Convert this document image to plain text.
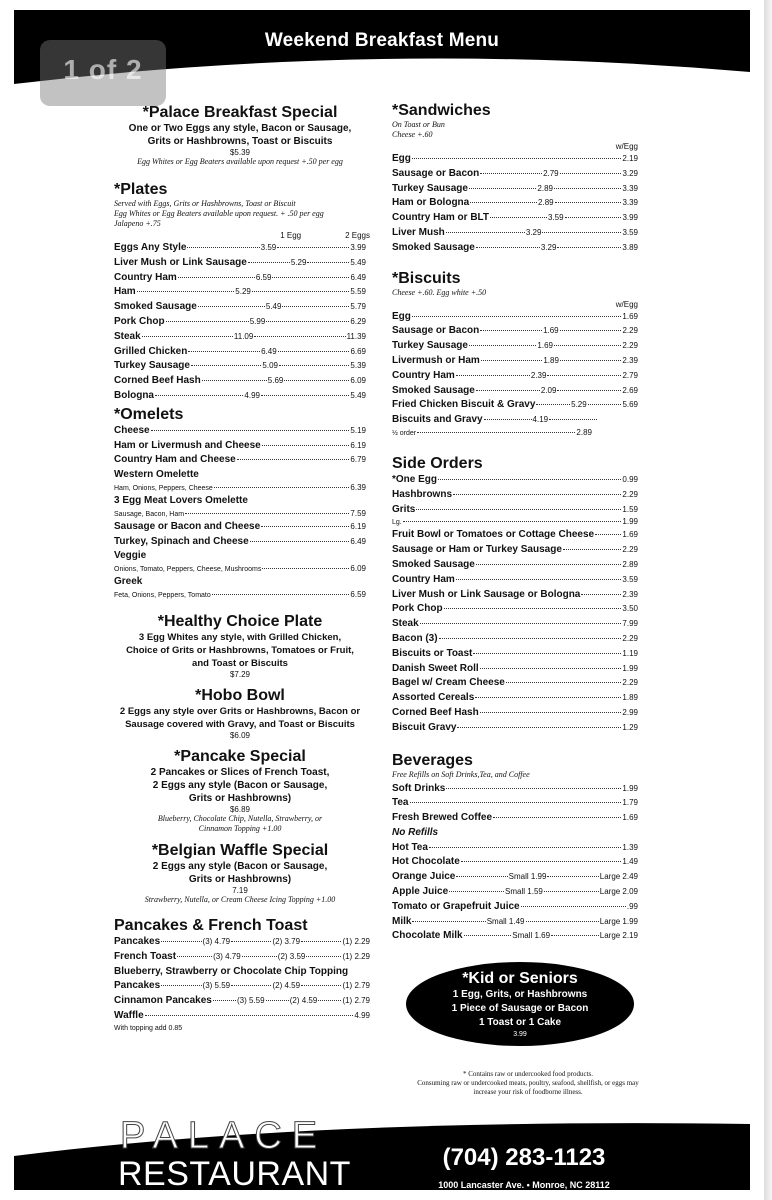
Weekend Breakfast Menu
1 of 2
*Palace Breakfast Special
One or Two Eggs any style, Bacon or Sausage,
Grits or Hashbrowns, Toast or Biscuits
$5.39
Egg Whites or Egg Beaters available upon request +.50 per egg
*Plates
Served with Eggs, Grits or Hashbrowns, Toast or Biscuit
Egg Whites or Egg Beaters available upon request. + .50 per egg
Jalapeno +.75
1 Egg	2 Eggs
Eggs Any Style	3.59	3.99
Liver Mush or Link Sausage	5.29	5.49
Country Ham	6.59	6.49
Ham	5.29	5.59
Smoked Sausage	5.49	5.79
Pork Chop	5.99	6.29
Steak	11.09	11.39
Grilled Chicken	6.49	6.69
Turkey Sausage	5.09	5.39
Corned Beef Hash	5.69	6.09
Bologna	4.99	5.49
*Omelets
Cheese	5.19
Ham or Livermush and Cheese	6.19
Country Ham and Cheese	6.79
Western Omelette
Ham, Onions, Peppers, Cheese	6.39
3 Egg Meat Lovers Omelette
Sausage, Bacon, Ham	7.59
Sausage or Bacon and Cheese	6.19
Turkey, Spinach and Cheese	6.49
Veggie
Onions, Tomato, Peppers, Cheese, Mushrooms	6.09
Greek
Feta, Onions, Peppers, Tomato	6.59
*Healthy Choice Plate
3 Egg Whites any style, with Grilled Chicken,
Choice of Grits or Hashbrowns, Tomatoes or Fruit,
and Toast or Biscuits
$7.29
*Hobo Bowl
2 Eggs any style over Grits or Hashbrowns, Bacon or
Sausage covered with Gravy, and Toast or Biscuits
$6.09
*Pancake Special
2 Pancakes or Slices of French Toast,
2 Eggs any style (Bacon or Sausage,
Grits or Hashbrowns)
$6.89
Blueberry, Chocolate Chip, Nutella, Strawberry, or
Cinnamon Topping +1.00
*Belgian Waffle Special
2 Eggs any style (Bacon or Sausage,
Grits or Hashbrowns)
7.19
Strawberry, Nutella, or Cream Cheese Icing Topping +1.00
Pancakes & French Toast
Pancakes	(3) 4.79	(2) 3.79	(1) 2.29
French Toast	(3) 4.79	(2) 3.59	(1) 2.29
Blueberry, Strawberry or Chocolate Chip Topping
Pancakes	(3) 5.59	(2) 4.59	(1) 2.79
Cinnamon Pancakes	(3) 5.59	(2) 4.59	(1) 2.79
Waffle	4.99
With topping add 0.85
*Sandwiches
On Toast or Bun
Cheese +.60
w/Egg
Egg	2.19
Sausage or Bacon	2.79	3.29
Turkey Sausage	2.89	3.39
Ham or Bologna	2.89	3.39
Country Ham or BLT	3.59	3.99
Liver Mush	3.29	3.59
Smoked Sausage	3.29	3.89
*Biscuits
Cheese +.60. Egg white +.50
w/Egg
Egg	1.69
Sausage or Bacon	1.69	2.29
Turkey Sausage	1.69	2.29
Livermush or Ham	1.89	2.39
Country Ham	2.39	2.79
Smoked Sausage	2.09	2.69
Fried Chicken Biscuit & Gravy	5.29	5.69
Biscuits and Gravy	4.19
½ order	2.89
Side Orders
*One Egg	0.99
Hashbrowns	2.29
Grits	1.59
Lg.	1.99
Fruit Bowl or Tomatoes or Cottage Cheese	1.69
Sausage or Ham or Turkey Sausage	2.29
Smoked Sausage	2.89
Country Ham	3.59
Liver Mush or Link Sausage or Bologna	2.39
Pork Chop	3.50
Steak	7.99
Bacon (3)	2.29
Biscuits or Toast	1.19
Danish Sweet Roll	1.99
Bagel w/ Cream Cheese	2.29
Assorted Cereals	1.89
Corned Beef Hash	2.99
Biscuit Gravy	1.29
Beverages
Free Refills on Soft Drinks,Tea, and Coffee
Soft Drinks	1.99
Tea	1.79
Fresh Brewed Coffee	1.69
No Refills
Hot Tea	1.39
Hot Chocolate	1.49
Orange Juice	Small 1.99	Large 2.49
Apple Juice	Small 1.59	Large 2.09
Tomato or Grapefruit Juice	.99
Milk	Small 1.49	Large 1.99
Chocolate Milk	Small 1.69	Large 2.19
*Kid or Seniors
1 Egg, Grits, or Hashbrowns
1 Piece of Sausage or Bacon
1 Toast or 1 Cake
3.99
* Contains raw or undercooked food products.
Consuming raw or undercooked meats, poultry, seafood, shellfish, or eggs may
increase your risk of foodborne illness.
PALACE
RESTAURANT	(704) 283-1123
1000 Lancaster Ave. • Monroe, NC 28112
